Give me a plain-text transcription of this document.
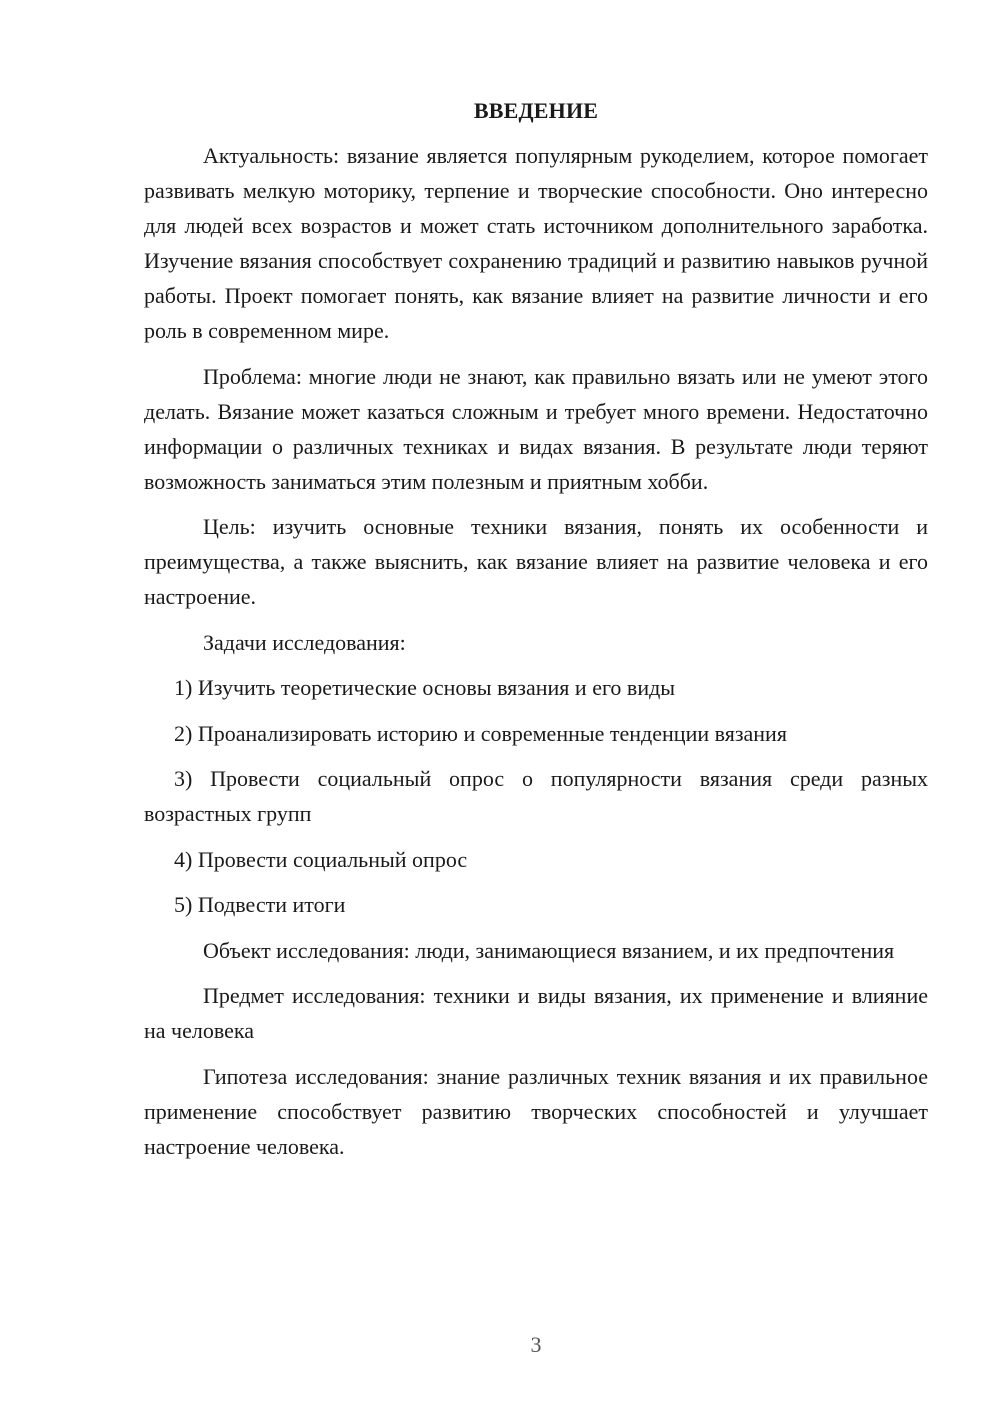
ВВЕДЕНИЕ

Актуальность: вязание является популярным рукоделием, которое помогает развивать мелкую моторику, терпение и творческие способности. Оно интересно для людей всех возрастов и может стать источником дополнительного заработка. Изучение вязания способствует сохранению традиций и развитию навыков ручной работы. Проект помогает понять, как вязание влияет на развитие личности и его роль в современном мире.

Проблема: многие люди не знают, как правильно вязать или не умеют этого делать. Вязание может казаться сложным и требует много времени. Недостаточно информации о различных техниках и видах вязания. В результате люди теряют возможность заниматься этим полезным и приятным хобби.

Цель: изучить основные техники вязания, понять их особенности и преимущества, а также выяснить, как вязание влияет на развитие человека и его настроение.

Задачи исследования:

1) Изучить теоретические основы вязания и его виды

2) Проанализировать историю и современные тенденции вязания

3) Провести социальный опрос о популярности вязания среди разных возрастных групп

4) Провести социальный опрос

5) Подвести итоги

Объект исследования: люди, занимающиеся вязанием, и их предпочтения

Предмет исследования: техники и виды вязания, их применение и влияние на человека

Гипотеза исследования: знание различных техник вязания и их правильное применение способствует развитию творческих способностей и улучшает настроение человека.

3
